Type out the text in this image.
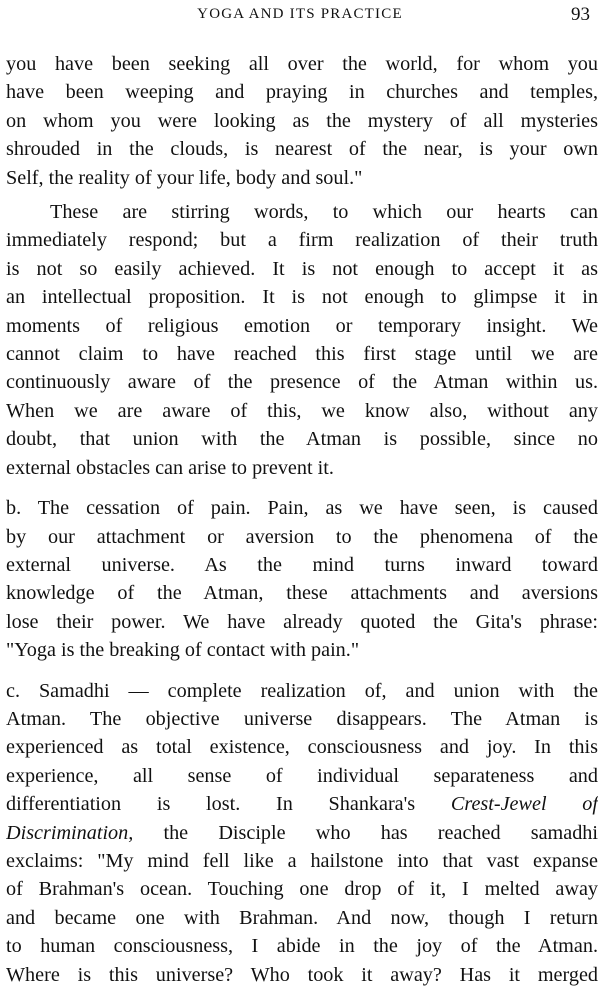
YOGA AND ITS PRACTICE	93

you have been seeking all over the world, for whom you
have been weeping and praying in churches and temples,
on whom you were looking as the mystery of all mysteries
shrouded in the clouds, is nearest of the near, is your own
Self, the reality of your life, body and soul."

These are stirring words, to which our hearts can
immediately respond; but a firm realization of their truth
is not so easily achieved. It is not enough to accept it as
an intellectual proposition. It is not enough to glimpse it in
moments of religious emotion or temporary insight. We
cannot claim to have reached this first stage until we are
continuously aware of the presence of the Atman within us.
When we are aware of this, we know also, without any
doubt, that union with the Atman is possible, since no
external obstacles can arise to prevent it.

b. The cessation of pain. Pain, as we have seen, is caused
by our attachment or aversion to the phenomena of the
external universe. As the mind turns inward toward
knowledge of the Atman, these attachments and aversions
lose their power. We have already quoted the Gita's phrase:
"Yoga is the breaking of contact with pain."

c. Samadhi — complete realization of, and union with the
Atman. The objective universe disappears. The Atman is
experienced as total existence, consciousness and joy. In this
experience, all sense of individual separateness and
differentiation is lost. In Shankara's Crest-Jewel of
Discrimination, the Disciple who has reached samadhi
exclaims: "My mind fell like a hailstone into that vast expanse
of Brahman's ocean. Touching one drop of it, I melted away
and became one with Brahman. And now, though I return
to human consciousness, I abide in the joy of the Atman.
Where is this universe? Who took it away? Has it merged
